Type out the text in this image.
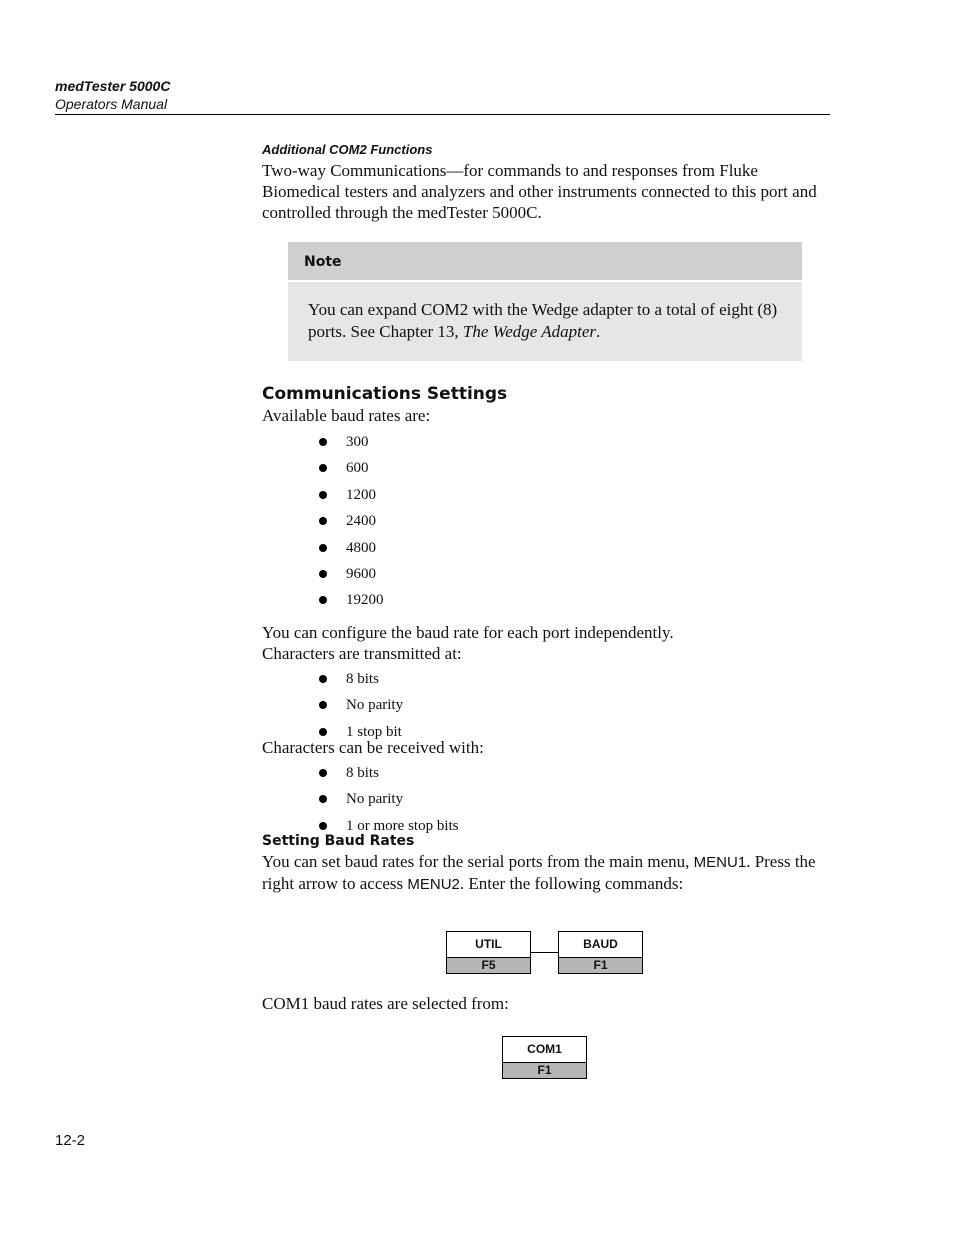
medTester 5000C
Operators Manual
Additional COM2 Functions

Two-way Communications—for commands to and responses from Fluke Biomedical testers and analyzers and other instruments connected to this port and controlled through the medTester 5000C.

Note
You can expand COM2 with the Wedge adapter to a total of eight (8) ports. See Chapter 13, The Wedge Adapter.
Communications Settings

Available baud rates are:

300
600
1200
2400
4800
9600
19200

You can configure the baud rate for each port independently.

Characters are transmitted at:

8 bits
No parity
1 stop bit

Characters can be received with:

8 bits
No parity
1 or more stop bits
Setting Baud Rates

You can set baud rates for the serial ports from the main menu, MENU1. Press the right arrow to access MENU2. Enter the following commands:

UTIL
F5
BAUD
F1

COM1 baud rates are selected from:

COM1
F1
12-2
